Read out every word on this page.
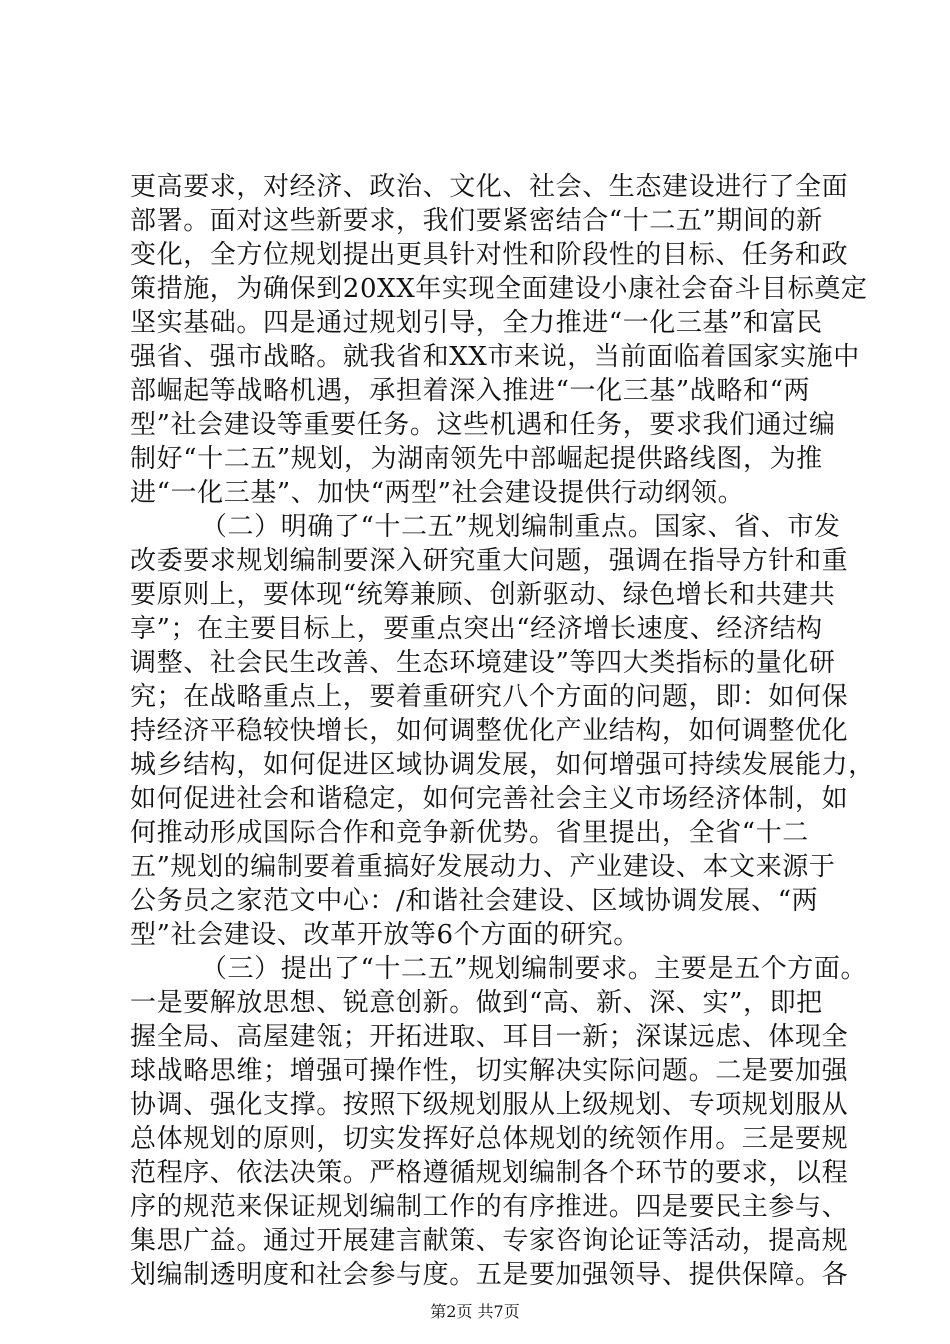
更高要求，对经济、政治、文化、社会、生态建设进行了全面
部署。面对这些新要求，我们要紧密结合“十二五”期间的新
变化，全方位规划提出更具针对性和阶段性的目标、任务和政
策措施，为确保到20XX年实现全面建设小康社会奋斗目标奠定
坚实基础。四是通过规划引导，全力推进“一化三基”和富民
强省、强市战略。就我省和XX市来说，当前面临着国家实施中
部崛起等战略机遇，承担着深入推进“一化三基”战略和“两
型”社会建设等重要任务。这些机遇和任务，要求我们通过编
制好“十二五”规划，为湖南领先中部崛起提供路线图，为推
进“一化三基”、加快“两型”社会建设提供行动纲领。
（二）明确了“十二五”规划编制重点。国家、省、市发
改委要求规划编制要深入研究重大问题，强调在指导方针和重
要原则上，要体现“统筹兼顾、创新驱动、绿色增长和共建共
享”；在主要目标上，要重点突出“经济增长速度、经济结构
调整、社会民生改善、生态环境建设”等四大类指标的量化研
究；在战略重点上，要着重研究八个方面的问题，即：如何保
持经济平稳较快增长，如何调整优化产业结构，如何调整优化
城乡结构，如何促进区域协调发展，如何增强可持续发展能力，
如何促进社会和谐稳定，如何完善社会主义市场经济体制，如
何推动形成国际合作和竞争新优势。省里提出，全省“十二
五”规划的编制要着重搞好发展动力、产业建设、本文来源于
公务员之家范文中心：/和谐社会建设、区域协调发展、“两
型”社会建设、改革开放等6个方面的研究。
（三）提出了“十二五”规划编制要求。主要是五个方面。
一是要解放思想、锐意创新。做到“高、新、深、实”，即把
握全局、高屋建瓴；开拓进取、耳目一新；深谋远虑、体现全
球战略思维；增强可操作性，切实解决实际问题。二是要加强
协调、强化支撑。按照下级规划服从上级规划、专项规划服从
总体规划的原则，切实发挥好总体规划的统领作用。三是要规
范程序、依法决策。严格遵循规划编制各个环节的要求，以程
序的规范来保证规划编制工作的有序推进。四是要民主参与、
集思广益。通过开展建言献策、专家咨询论证等活动，提高规
划编制透明度和社会参与度。五是要加强领导、提供保障。各
第2页 共7页
